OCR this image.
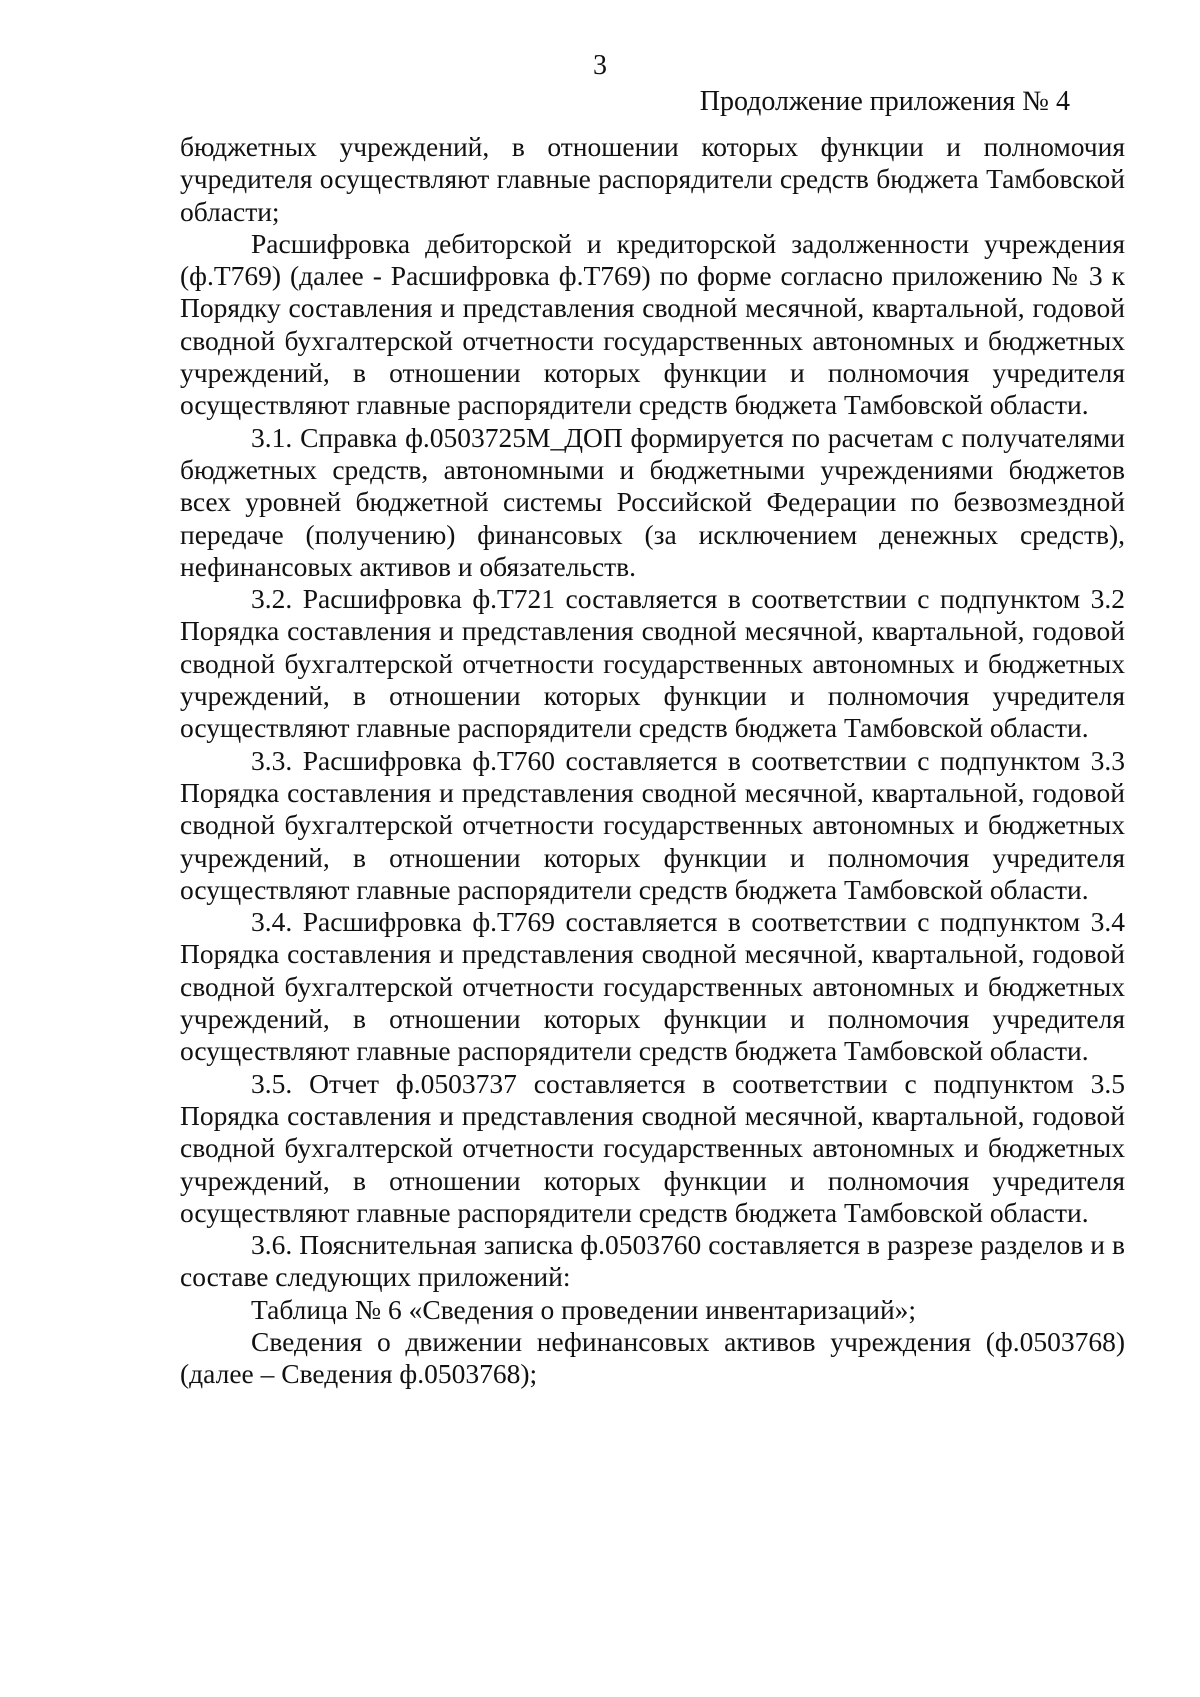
3
Продолжение приложения № 4

бюджетных учреждений, в отношении которых функции и полномочия учредителя осуществляют главные распорядители средств бюджета Тамбовской области;

Расшифровка дебиторской и кредиторской задолженности учреждения (ф.Т769) (далее - Расшифровка ф.Т769) по форме согласно приложению № 3 к Порядку составления и представления сводной месячной, квартальной, годовой сводной бухгалтерской отчетности государственных автономных и бюджетных учреждений, в отношении которых функции и полномочия учредителя осуществляют главные распорядители средств бюджета Тамбовской области.

3.1. Справка ф.0503725М_ДОП формируется по расчетам с получателями бюджетных средств, автономными и бюджетными учреждениями бюджетов всех уровней бюджетной системы Российской Федерации по безвозмездной передаче (получению) финансовых (за исключением денежных средств), нефинансовых активов и обязательств.

3.2. Расшифровка ф.Т721 составляется в соответствии с подпунктом 3.2 Порядка составления и представления сводной месячной, квартальной, годовой сводной бухгалтерской отчетности государственных автономных и бюджетных учреждений, в отношении которых функции и полномочия учредителя осуществляют главные распорядители средств бюджета Тамбовской области.

3.3. Расшифровка ф.Т760 составляется в соответствии с подпунктом 3.3 Порядка составления и представления сводной месячной, квартальной, годовой сводной бухгалтерской отчетности государственных автономных и бюджетных учреждений, в отношении которых функции и полномочия учредителя осуществляют главные распорядители средств бюджета Тамбовской области.

3.4. Расшифровка ф.Т769 составляется в соответствии с подпунктом 3.4 Порядка составления и представления сводной месячной, квартальной, годовой сводной бухгалтерской отчетности государственных автономных и бюджетных учреждений, в отношении которых функции и полномочия учредителя осуществляют главные распорядители средств бюджета Тамбовской области.

3.5. Отчет ф.0503737 составляется в соответствии с подпунктом 3.5 Порядка составления и представления сводной месячной, квартальной, годовой сводной бухгалтерской отчетности государственных автономных и бюджетных учреждений, в отношении которых функции и полномочия учредителя осуществляют главные распорядители средств бюджета Тамбовской области.

3.6. Пояснительная записка ф.0503760 составляется в разрезе разделов и в составе следующих приложений:

Таблица № 6 «Сведения о проведении инвентаризаций»;

Сведения о движении нефинансовых активов учреждения (ф.0503768) (далее – Сведения ф.0503768);
